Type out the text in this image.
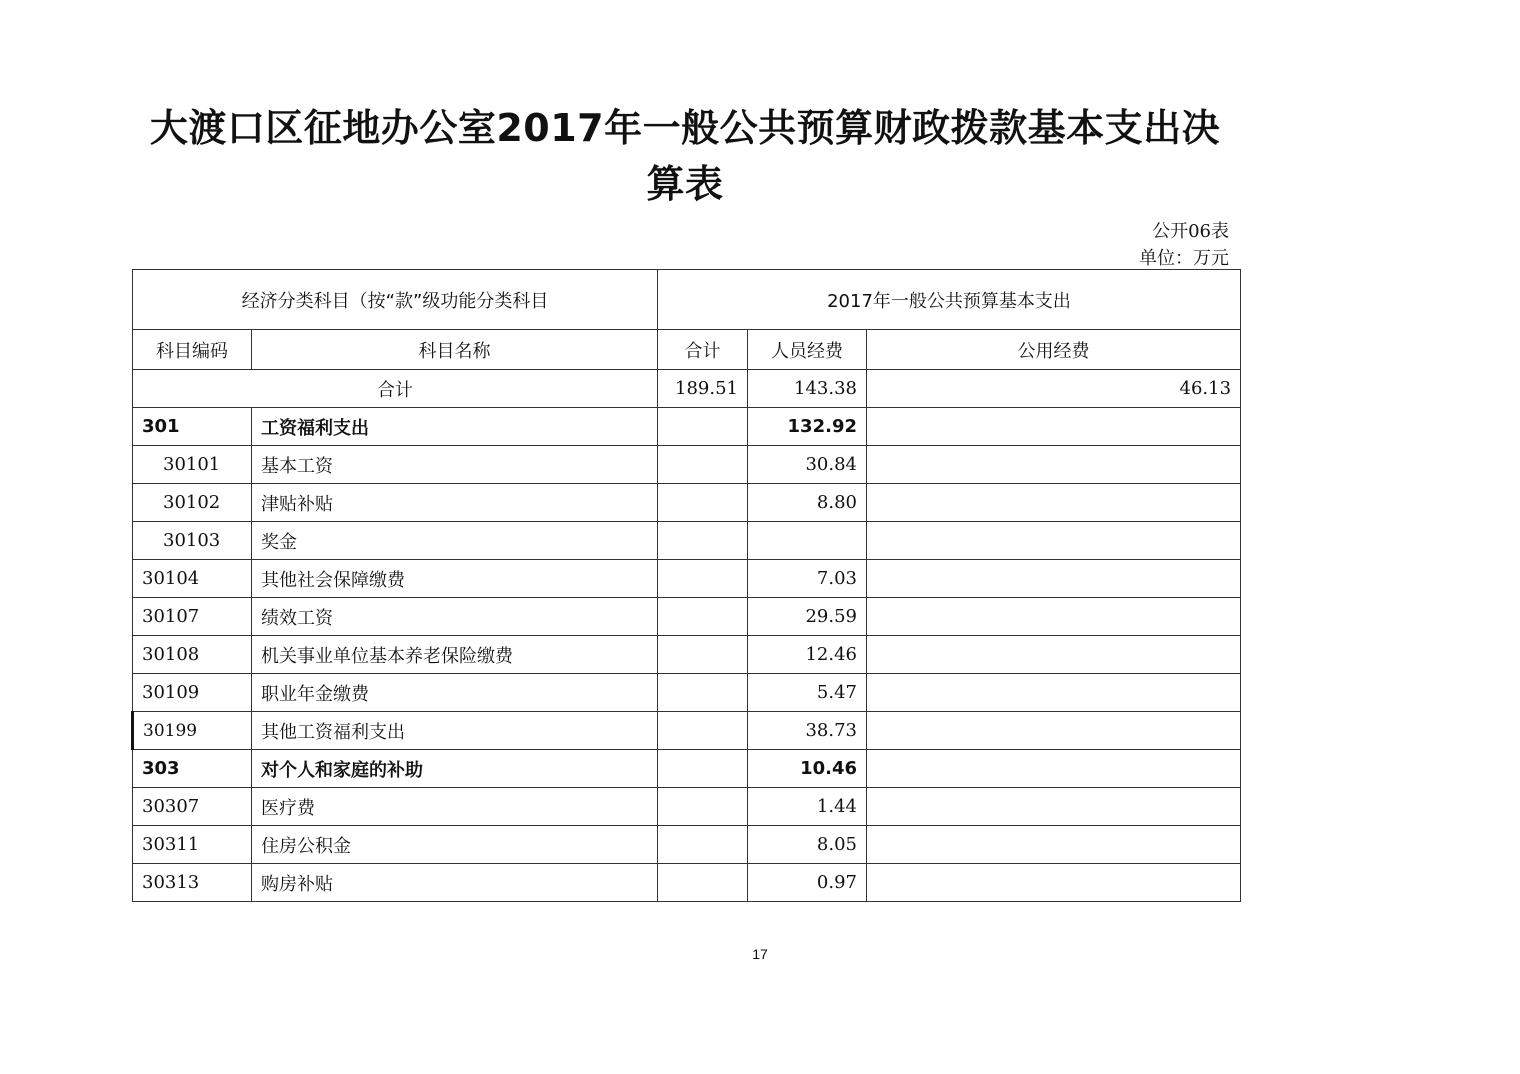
大渡口区征地办公室2017年一般公共预算财政拨款基本支出决
算表
公开06表
单位：万元
经济分类科目（按“款”级功能分类科目		2017年一般公共预算基本支出		
科目编码	科目名称	合计	人员经费	公用经费
合计		189.51	143.38	46.13
301	工资福利支出		132.92	
30101	基本工资		30.84	
30102	津贴补贴		8.80	
30103	奖金			
30104	其他社会保障缴费		7.03	
30107	绩效工资		29.59	
30108	机关事业单位基本养老保险缴费		12.46	
30109	职业年金缴费		5.47	
30199	其他工资福利支出		38.73	
303	对个人和家庭的补助		10.46	
30307	医疗费		1.44	
30311	住房公积金		8.05	
30313	购房补贴		0.97	
17
